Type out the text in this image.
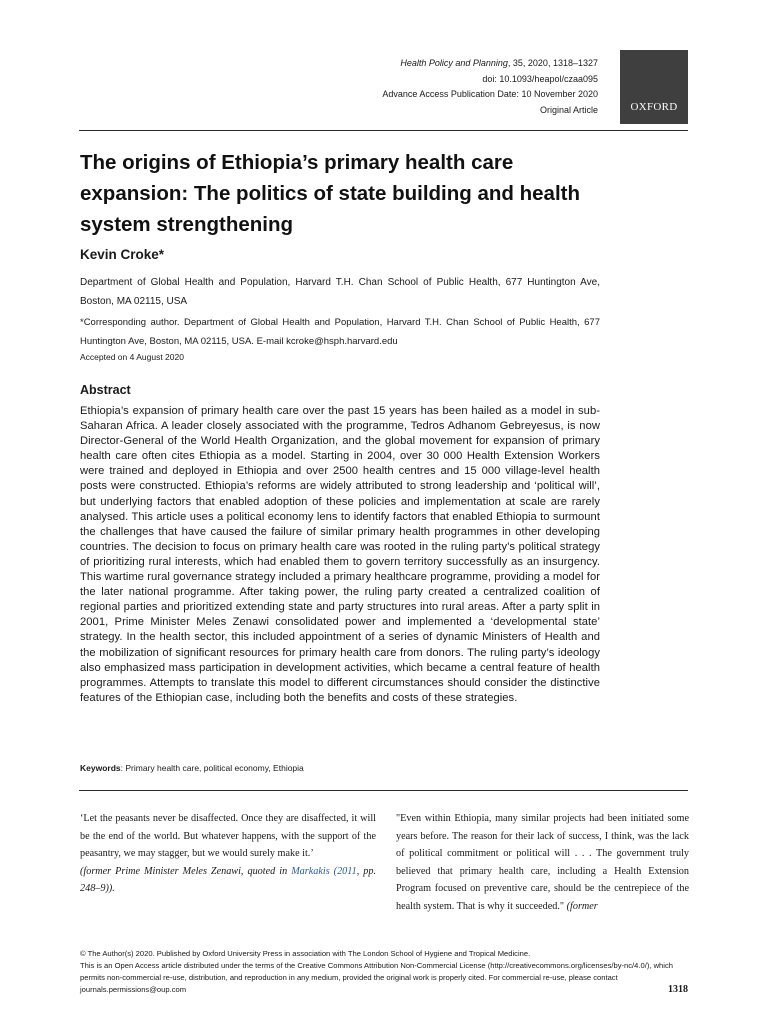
Health Policy and Planning, 35, 2020, 1318–1327
doi: 10.1093/heapol/czaa095
Advance Access Publication Date: 10 November 2020
Original Article	OXFORD
The origins of Ethiopia’s primary health care expansion: The politics of state building and health system strengthening

Kevin Croke*

Department of Global Health and Population, Harvard T.H. Chan School of Public Health, 677 Huntington Ave, Boston, MA 02115, USA

*Corresponding author. Department of Global Health and Population, Harvard T.H. Chan School of Public Health, 677 Huntington Ave, Boston, MA 02115, USA. E-mail kcroke@hsph.harvard.edu

Accepted on 4 August 2020

Abstract

Ethiopia’s expansion of primary health care over the past 15 years has been hailed as a model in sub-Saharan Africa. A leader closely associated with the programme, Tedros Adhanom Gebreyesus, is now Director-General of the World Health Organization, and the global movement for expansion of primary health care often cites Ethiopia as a model. Starting in 2004, over 30 000 Health Extension Workers were trained and deployed in Ethiopia and over 2500 health centres and 15 000 village-level health posts were constructed. Ethiopia’s reforms are widely attributed to strong leadership and ‘political will’, but underlying factors that enabled adoption of these policies and implementation at scale are rarely analysed. This article uses a political economy lens to identify factors that enabled Ethiopia to surmount the challenges that have caused the failure of similar primary health programmes in other developing countries. The decision to focus on primary health care was rooted in the ruling party’s political strategy of prioritizing rural interests, which had enabled them to govern territory successfully as an insurgency. This wartime rural governance strategy included a primary healthcare programme, providing a model for the later national programme. After taking power, the ruling party created a centralized coalition of regional parties and prioritized extending state and party structures into rural areas. After a party split in 2001, Prime Minister Meles Zenawi consolidated power and implemented a ‘developmental state’ strategy. In the health sector, this included appointment of a series of dynamic Ministers of Health and the mobilization of significant resources for primary health care from donors. The ruling party’s ideology also emphasized mass participation in development activities, which became a central feature of health programmes. Attempts to translate this model to different circumstances should consider the distinctive features of the Ethiopian case, including both the benefits and costs of these strategies.

Keywords: Primary health care, political economy, Ethiopia

‘Let the peasants never be disaffected. Once they are disaffected, it will be the end of the world. But whatever happens, with the support of the peasantry, we may stagger, but we would surely make it.’
(former Prime Minister Meles Zenawi, quoted in Markakis (2011, pp. 248–9)).

"Even within Ethiopia, many similar projects had been initiated some years before. The reason for their lack of success, I think, was the lack of political commitment or political will . . . The government truly believed that primary health care, including a Health Extension Program focused on preventive care, should be the centrepiece of the health system. That is why it succeeded." (former

© The Author(s) 2020. Published by Oxford University Press in association with The London School of Hygiene and Tropical Medicine.
This is an Open Access article distributed under the terms of the Creative Commons Attribution Non-Commercial License (http://creativecommons.org/licenses/by-nc/4.0/), which permits non-commercial re-use, distribution, and reproduction in any medium, provided the original work is properly cited. For commercial re-use, please contact journals.permissions@oup.com	1318
